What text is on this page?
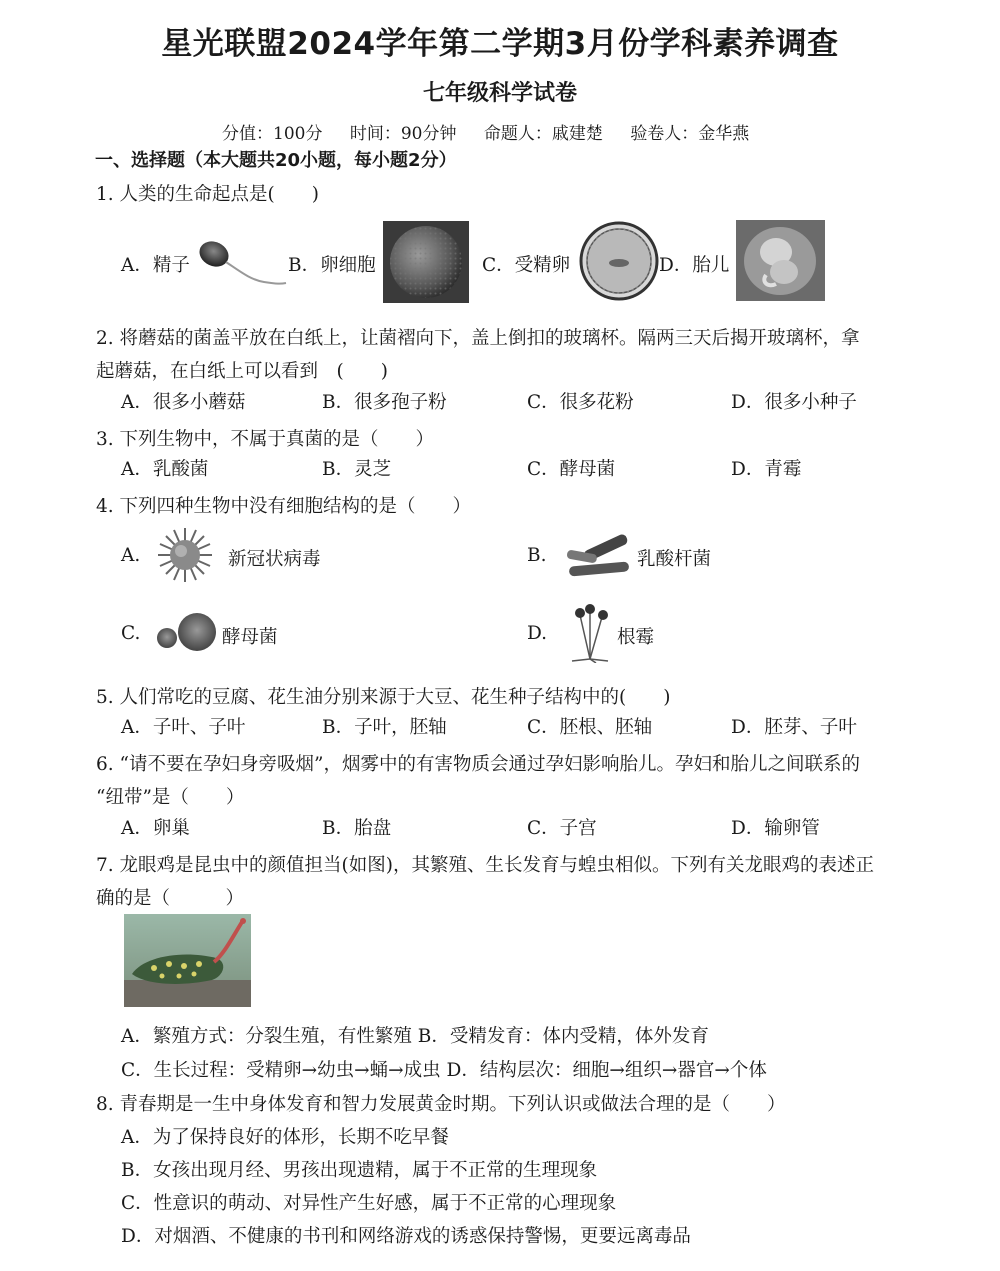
星光联盟2024学年第二学期3月份学科素养调查
七年级科学试卷
分值：100分 时间：90分钟 命题人：戚建楚 验卷人：金华燕
一、选择题（本大题共20小题，每小题2分）
1. 人类的生命起点是(　　)
A．精子	B．卵细胞	C．受精卵	D．胎儿
2. 将蘑菇的菌盖平放在白纸上，让菌褶向下，盖上倒扣的玻璃杯。隔两三天后揭开玻璃杯，拿
起蘑菇，在白纸上可以看到　(　　)
A．很多小蘑菇	B．很多孢子粉	C．很多花粉	D．很多小种子
3. 下列生物中，不属于真菌的是（　　）
A．乳酸菌	B．灵芝	C．酵母菌	D．青霉
4. 下列四种生物中没有细胞结构的是（　　）
A.	新冠状病毒	B.	乳酸杆菌
C.	酵母菌	D.	根霉
5. 人们常吃的豆腐、花生油分别来源于大豆、花生种子结构中的(　　)
A．子叶、子叶	B．子叶，胚轴	C．胚根、胚轴	D．胚芽、子叶
6. “请不要在孕妇身旁吸烟”，烟雾中的有害物质会通过孕妇影响胎儿。孕妇和胎儿之间联系的
“纽带”是（　　）
A．卵巢	B．胎盘	C．子宫	D．输卵管
7. 龙眼鸡是昆虫中的颜值担当(如图)，其繁殖、生长发育与蝗虫相似。下列有关龙眼鸡的表述正
确的是（　　　）
A．繁殖方式：分裂生殖，有性繁殖 B．受精发育：体内受精，体外发育
C．生长过程：受精卵→幼虫→蛹→成虫 D．结构层次：细胞→组织→器官→个体
8. 青春期是一生中身体发育和智力发展黄金时期。下列认识或做法合理的是（　　）
A．为了保持良好的体形，长期不吃早餐
B．女孩出现月经、男孩出现遗精，属于不正常的生理现象
C．性意识的萌动、对异性产生好感，属于不正常的心理现象
D．对烟酒、不健康的书刊和网络游戏的诱惑保持警惕，更要远离毒品
